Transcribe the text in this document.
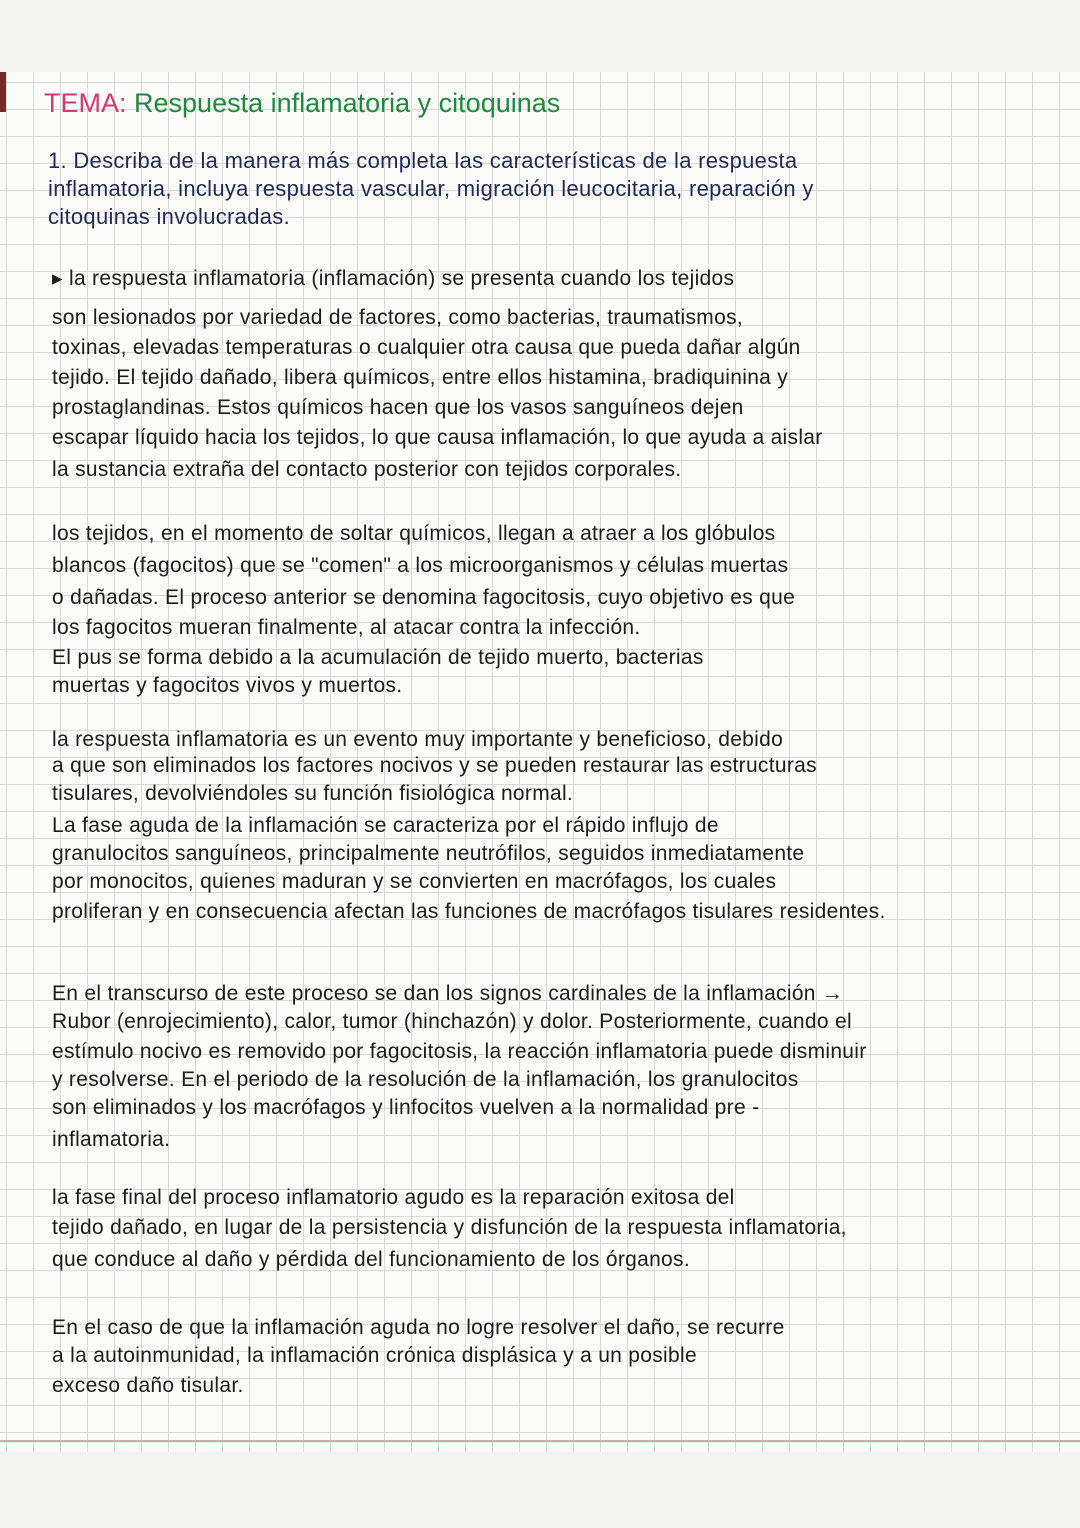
TEMA: Respuesta inflamatoria y citoquinas
1. Describa de la manera más completa las características de la respuesta
inflamatoria, incluya respuesta vascular, migración leucocitaria, reparación y
citoquinas involucradas.
▸ la respuesta inflamatoria (inflamación) se presenta cuando los tejidos
son lesionados por variedad de factores, como bacterias, traumatismos,
toxinas, elevadas temperaturas o cualquier otra causa que pueda dañar algún
tejido. El tejido dañado, libera químicos, entre ellos histamina, bradiquinina y
prostaglandinas. Estos químicos hacen que los vasos sanguíneos dejen
escapar líquido hacia los tejidos, lo que causa inflamación, lo que ayuda a aislar
la sustancia extraña del contacto posterior con tejidos corporales.
los tejidos, en el momento de soltar químicos, llegan a atraer a los glóbulos
blancos (fagocitos) que se "comen" a los microorganismos y células muertas
o dañadas. El proceso anterior se denomina fagocitosis, cuyo objetivo es que
los fagocitos mueran finalmente, al atacar contra la infección.
El pus se forma debido a la acumulación de tejido muerto, bacterias
muertas y fagocitos vivos y muertos.
la respuesta inflamatoria es un evento muy importante y beneficioso, debido
a que son eliminados los factores nocivos y se pueden restaurar las estructuras
tisulares, devolviéndoles su función fisiológica normal.
La fase aguda de la inflamación se caracteriza por el rápido influjo de
granulocitos sanguíneos, principalmente neutrófilos, seguidos inmediatamente
por monocitos, quienes maduran y se convierten en macrófagos, los cuales
proliferan y en consecuencia afectan las funciones de macrófagos tisulares residentes.
En el transcurso de este proceso se dan los signos cardinales de la inflamación →
Rubor (enrojecimiento), calor, tumor (hinchazón) y dolor. Posteriormente, cuando el
estímulo nocivo es removido por fagocitosis, la reacción inflamatoria puede disminuir
y resolverse. En el periodo de la resolución de la inflamación, los granulocitos
son eliminados y los macrófagos y linfocitos vuelven a la normalidad pre -
inflamatoria.
la fase final del proceso inflamatorio agudo es la reparación exitosa del
tejido dañado, en lugar de la persistencia y disfunción de la respuesta inflamatoria,
que conduce al daño y pérdida del funcionamiento de los órganos.
En el caso de que la inflamación aguda no logre resolver el daño, se recurre
a la autoinmunidad, la inflamación crónica displásica y a un posible
exceso daño tisular.
